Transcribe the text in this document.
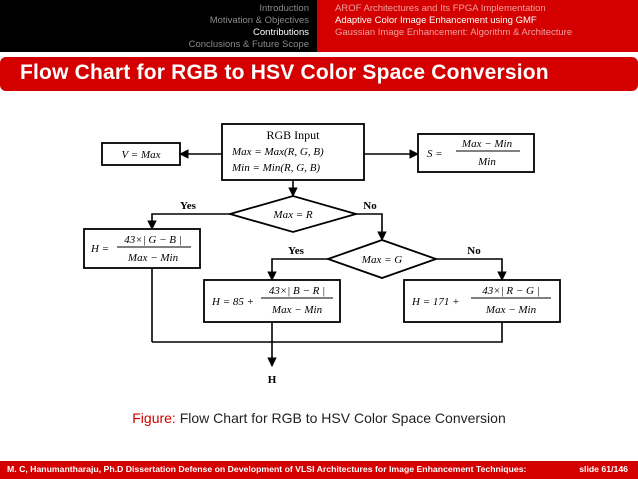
Introduction
Motivation & Objectives
Contributions
Conclusions & Future Scope
AROF Architectures and Its FPGA Implementation
Adaptive Color Image Enhancement using GMF
Gaussian Image Enhancement: Algorithm & Architecture
Flow Chart for RGB to HSV Color Space Conversion
RGB Input
Max = Max(R, G, B)
Min = Min(R, G, B)
V = Max	S =
Max − Min
Min
Max = R
Yes	No
H =
43×| G − B |
Max − Min	Max = G
Yes	No
H = 85 +
43×| B − R |
Max − Min
H = 171 +
43×| R − G |
Max − Min
H
Figure: Flow Chart for RGB to HSV Color Space Conversion
M. C, Hanumantharaju, Ph.D Dissertation Defense on Development of VLSI Architectures for Image Enhancement Techniques:	slide 61/146
